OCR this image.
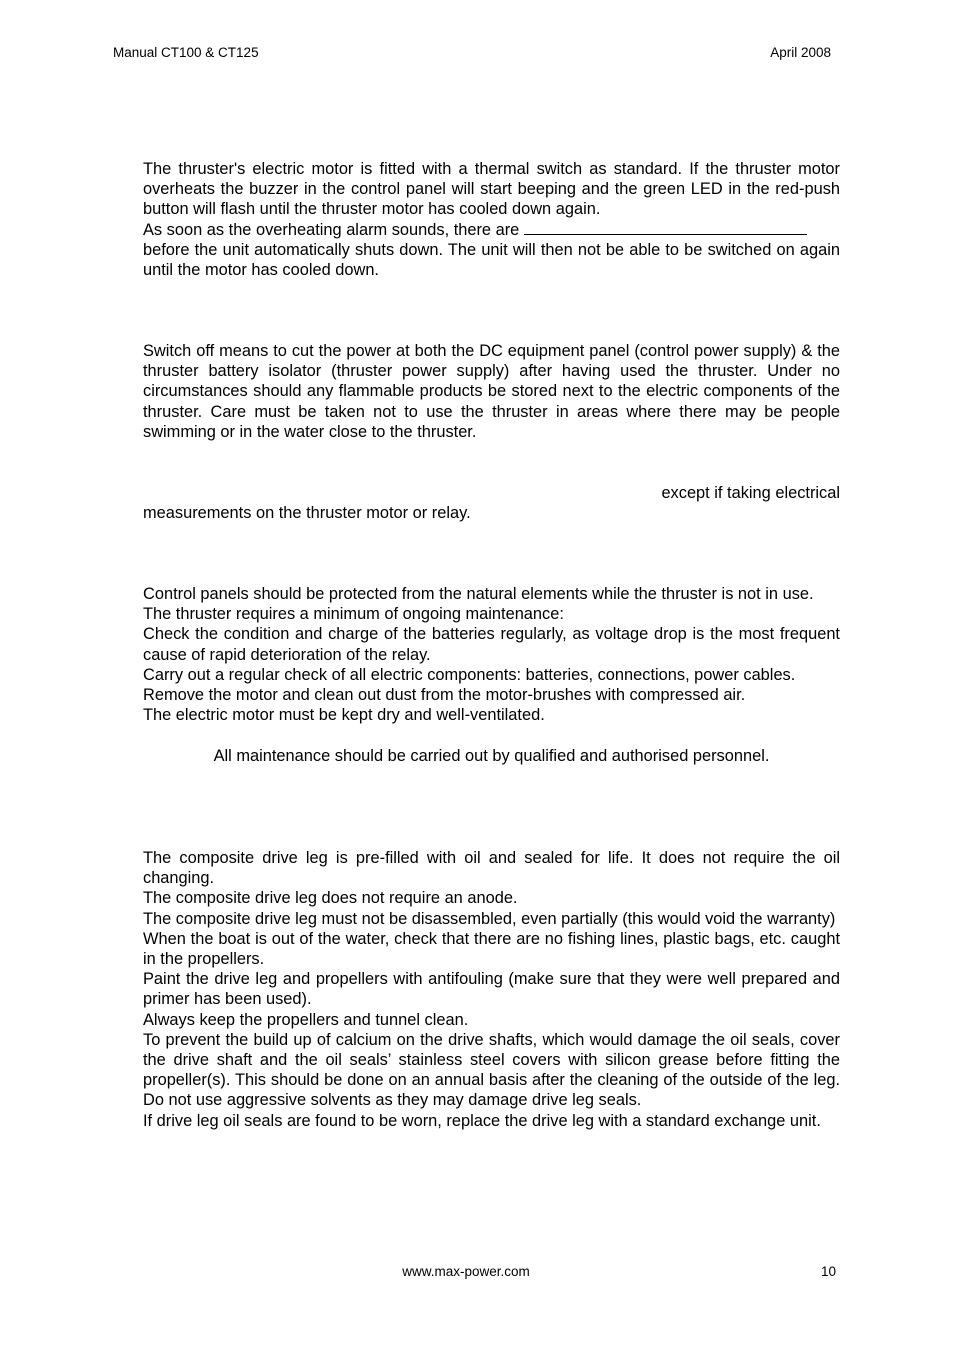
Manual CT100 & CT125	April 2008

The thruster's electric motor is fitted with a thermal switch as standard. If the thruster motor overheats the buzzer in the control panel will start beeping and the green LED in the red-push button will flash until the thruster motor has cooled down again.

As soon as the overheating alarm sounds, there are

before the unit automatically shuts down. The unit will then not be able to be switched on again until the motor has cooled down.

Switch off means to cut the power at both the DC equipment panel (control power supply) & the thruster battery isolator (thruster power supply) after having used the thruster. Under no circumstances should any flammable products be stored next to the electric components of the thruster. Care must be taken not to use the thruster in areas where there may be people swimming or in the water close to the thruster.

except if taking electrical

measurements on the thruster motor or relay.

Control panels should be protected from the natural elements while the thruster is not in use.

The thruster requires a minimum of ongoing maintenance:

Check the condition and charge of the batteries regularly, as voltage drop is the most frequent cause of rapid deterioration of the relay.

Carry out a regular check of all electric components: batteries, connections, power cables.

Remove the motor and clean out dust from the motor-brushes with compressed air.

The electric motor must be kept dry and well-ventilated.

All maintenance should be carried out by qualified and authorised personnel.

The composite drive leg is pre-filled with oil and sealed for life. It does not require the oil changing.

The composite drive leg does not require an anode.

The composite drive leg must not be disassembled, even partially (this would void the warranty)

When the boat is out of the water, check that there are no fishing lines, plastic bags, etc. caught in the propellers.

Paint the drive leg and propellers with antifouling (make sure that they were well prepared and primer has been used).

Always keep the propellers and tunnel clean.

To prevent the build up of calcium on the drive shafts, which would damage the oil seals, cover the drive shaft and the oil seals’ stainless steel covers with silicon grease before fitting the propeller(s). This should be done on an annual basis after the cleaning of the outside of the leg. Do not use aggressive solvents as they may damage drive leg seals.

If drive leg oil seals are found to be worn, replace the drive leg with a standard exchange unit.

www.max-power.com	10
